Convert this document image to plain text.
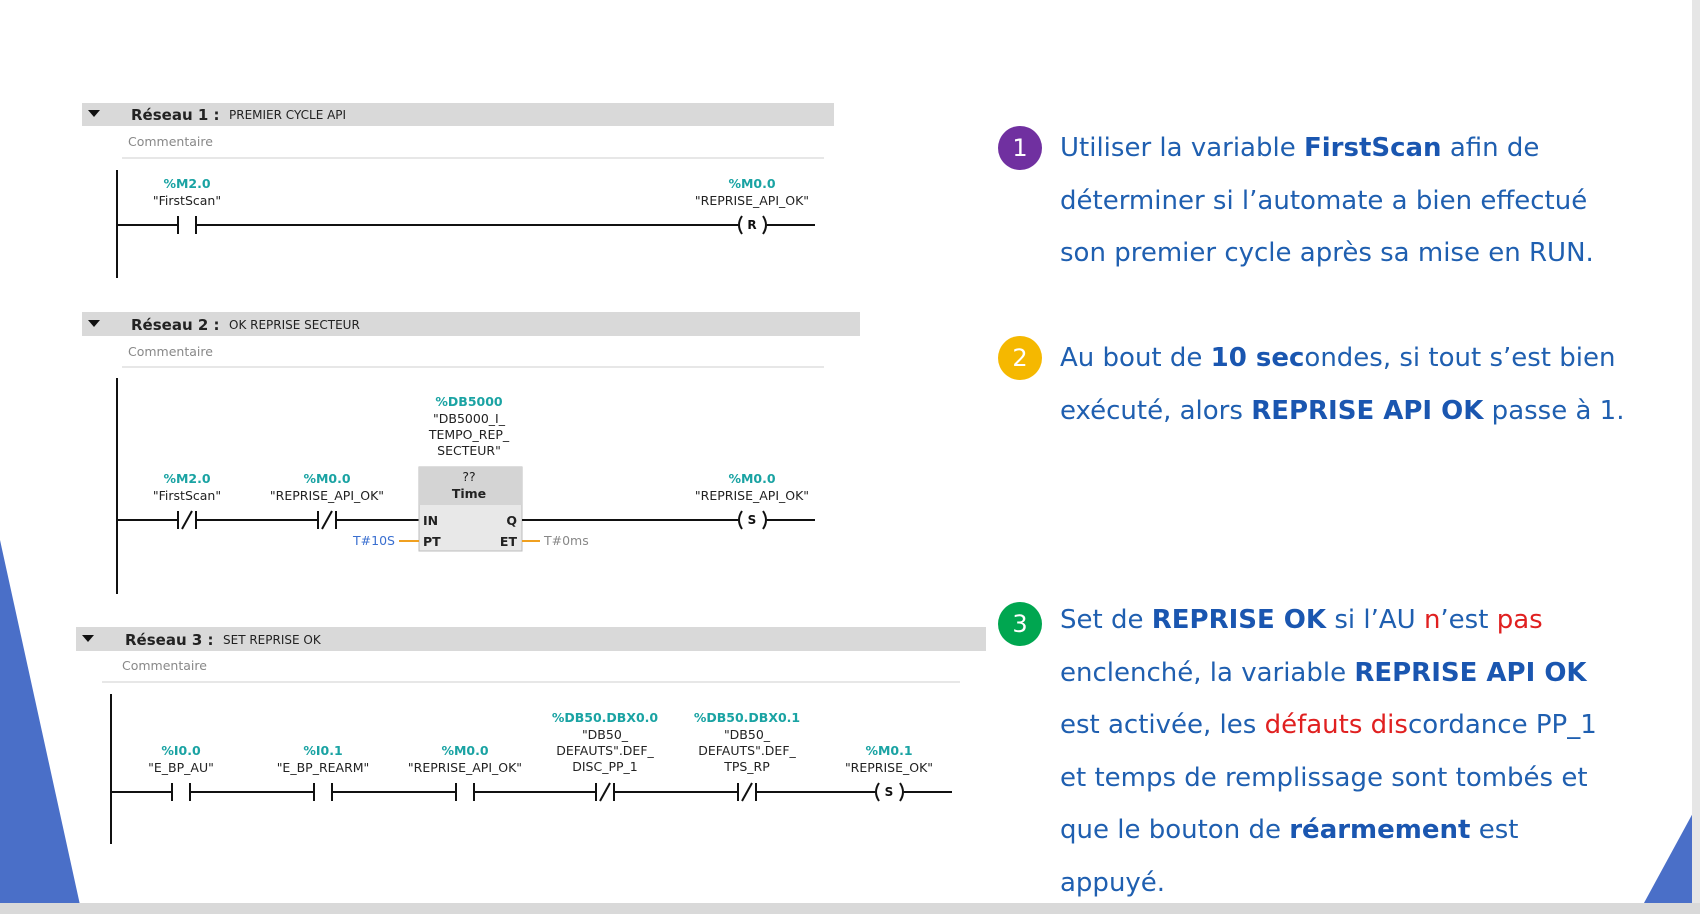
Réseau 1 : PREMIER CYCLE API
Commentaire
%M2.0
"FirstScan"
R
%M0.0
"REPRISE_API_OK"
Réseau 2 : OK REPRISE SECTEUR
Commentaire
%M2.0
"FirstScan"
%M0.0
"REPRISE_API_OK"
%DB5000
"DB5000_I_
TEMPO_REP_
SECTEUR"
??
Time
IN
PT
Q
ET
T#10S	T#0ms
S
%M0.0
"REPRISE_API_OK"
Réseau 3 : SET REPRISE OK
Commentaire
%I0.0
"E_BP_AU"
%I0.1
"E_BP_REARM"
%M0.0
"REPRISE_API_OK"
%DB50.DBX0.0
"DB50_
DEFAUTS".DEF_
DISC_PP_1
%DB50.DBX0.1
"DB50_
DEFAUTS".DEF_
TPS_RP
S
%M0.1
"REPRISE_OK"
1	Utiliser la variable FirstScan afin de déterminer si l’automate a bien effectué son premier cycle après sa mise en RUN.
2	Au bout de 10 secondes, si tout s’est bien exécuté, alors REPRISE API OK passe à 1.
3	Set de REPRISE OK si l’AU n’est pas enclenché, la variable REPRISE API OK est activée, les défauts discordance PP_1 et temps de remplissage sont tombés et que le bouton de réarmement est appuyé.
